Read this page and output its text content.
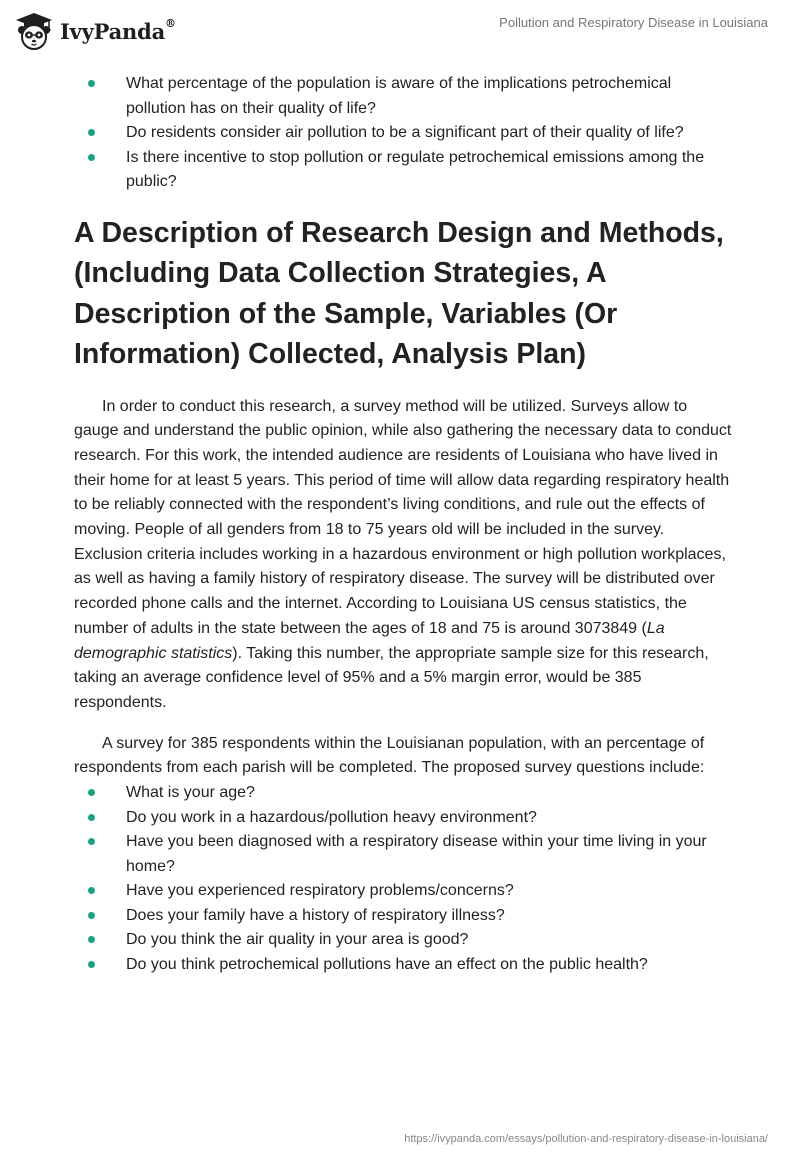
IvyPanda®	Pollution and Respiratory Disease in Louisiana
What percentage of the population is aware of the implications petrochemical pollution has on their quality of life?
Do residents consider air pollution to be a significant part of their quality of life?
Is there incentive to stop pollution or regulate petrochemical emissions among the public?
A Description of Research Design and Methods, (Including Data Collection Strategies, A Description of the Sample, Variables (Or Information) Collected, Analysis Plan)

In order to conduct this research, a survey method will be utilized. Surveys allow to gauge and understand the public opinion, while also gathering the necessary data to conduct research. For this work, the intended audience are residents of Louisiana who have lived in their home for at least 5 years. This period of time will allow data regarding respiratory health to be reliably connected with the respondent’s living conditions, and rule out the effects of moving. People of all genders from 18 to 75 years old will be included in the survey. Exclusion criteria includes working in a hazardous environment or high pollution workplaces, as well as having a family history of respiratory disease. The survey will be distributed over recorded phone calls and the internet. According to Louisiana US census statistics, the number of adults in the state between the ages of 18 and 75 is around 3073849 (La demographic statistics). Taking this number, the appropriate sample size for this research, taking an average confidence level of 95% and a 5% margin error, would be 385 respondents.

A survey for 385 respondents within the Louisianan population, with an percentage of respondents from each parish will be completed. The proposed survey questions include:

What is your age?
Do you work in a hazardous/pollution heavy environment?
Have you been diagnosed with a respiratory disease within your time living in your home?
Have you experienced respiratory problems/concerns?
Does your family have a history of respiratory illness?
Do you think the air quality in your area is good?
Do you think petrochemical pollutions have an effect on the public health?
https://ivypanda.com/essays/pollution-and-respiratory-disease-in-louisiana/
